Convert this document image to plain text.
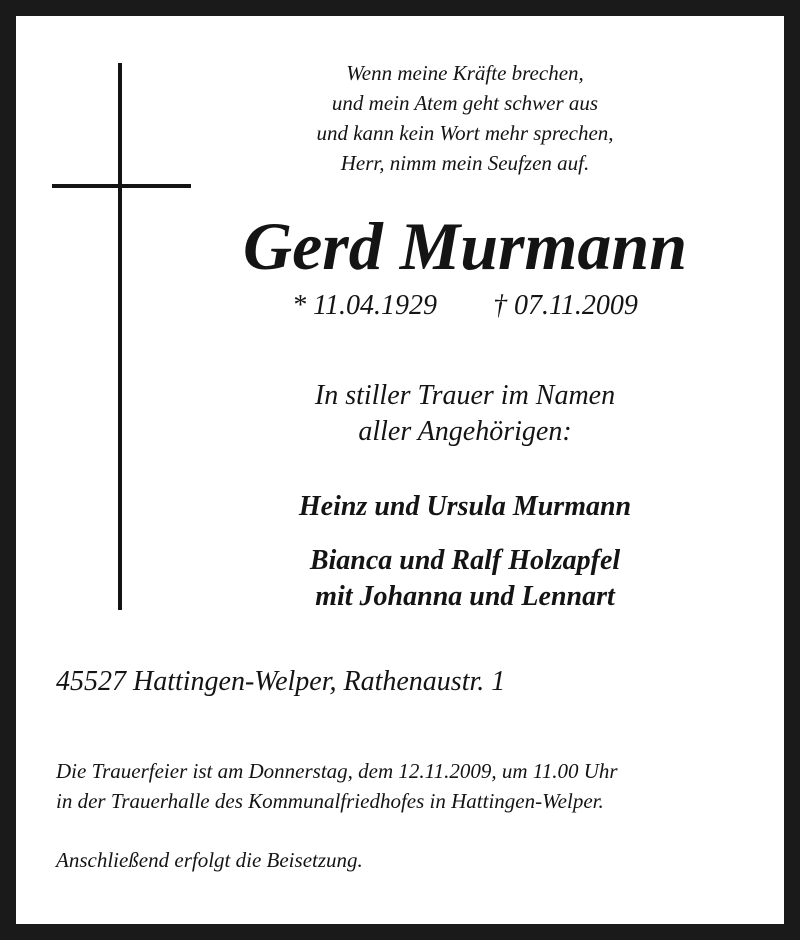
Wenn meine Kräfte brechen,
und mein Atem geht schwer aus
und kann kein Wort mehr sprechen,
Herr, nimm mein Seufzen auf.
Gerd Murmann
* 11.04.1929 † 07.11.2009
In stiller Trauer im Namen
aller Angehörigen:
Heinz und Ursula Murmann
Bianca und Ralf Holzapfel
mit Johanna und Lennart
45527 Hattingen-Welper, Rathenaustr. 1
Die Trauerfeier ist am Donnerstag, dem 12.11.2009, um 11.00 Uhr
in der Trauerhalle des Kommunalfriedhofes in Hattingen-Welper.
Anschließend erfolgt die Beisetzung.
